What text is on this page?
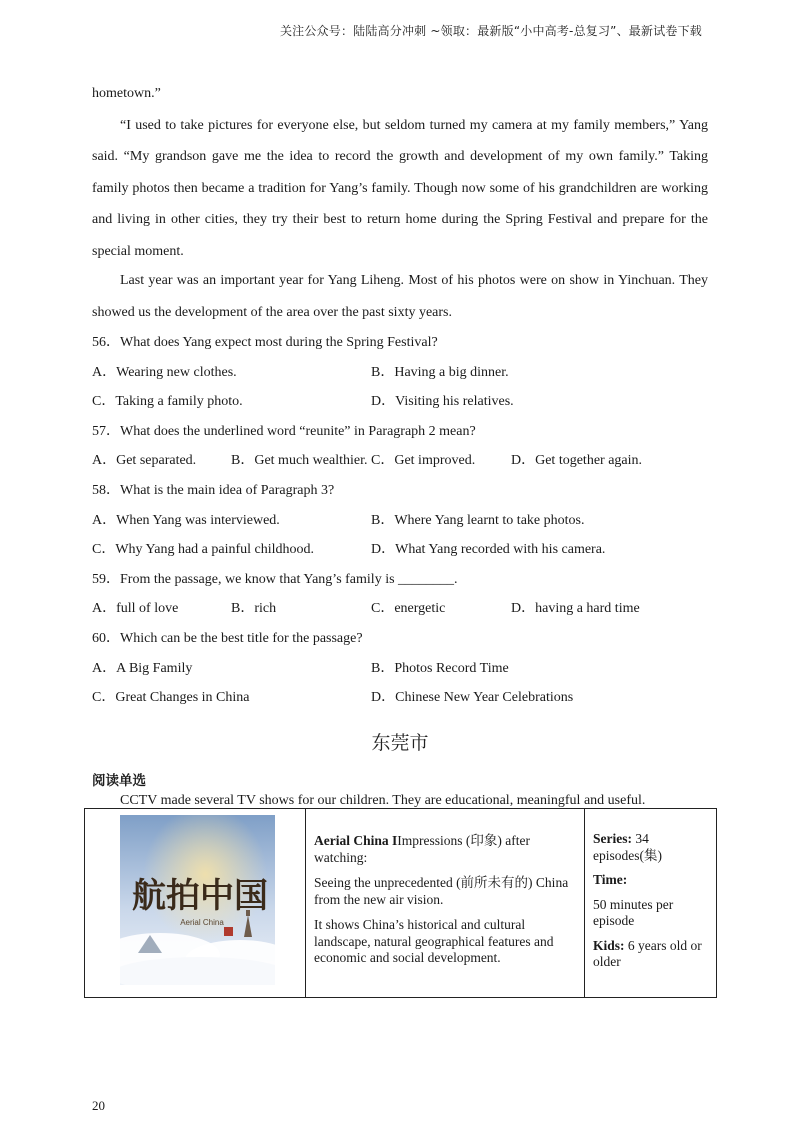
关注公众号：陆陆高分冲刺 ~领取：最新版“小中高考-总复习”、最新试卷下载

hometown.”

“I used to take pictures for everyone else, but seldom turned my camera at my family members,” Yang said. “My grandson gave me the idea to record the growth and development of my own family.” Taking family photos then became a tradition for Yang’s family. Though now some of his grandchildren are working and living in other cities, they try their best to return home during the Spring Festival and prepare for the special moment.

Last year was an important year for Yang Liheng. Most of his photos were on show in Yinchuan. They showed us the development of the area over the past sixty years.

56．What does Yang expect most during the Spring Festival?
A．Wearing new clothes.	B．Having a big dinner.
C．Taking a family photo.	D．Visiting his relatives.
57．What does the underlined word “reunite” in Paragraph 2 mean?
A．Get separated. B．Get much wealthier. C．Get improved.	D．Get together again.
58．What is the main idea of Paragraph 3?
A．When Yang was interviewed.	B．Where Yang learnt to take photos.
C．Why Yang had a painful childhood.	D．What Yang recorded with his camera.
59．From the passage, we know that Yang’s family is ________.
A．full of love	B．rich	C．energetic	D．having a hard time
60．Which can be the best title for the passage?
A．A Big Family	B．Photos Record Time
C．Great Changes in China	D．Chinese New Year Celebrations
东莞市
阅读单选
CCTV made several TV shows for our children. They are educational, meaningful and useful.
航拍中国
Aerial China

Aerial China IImpressions (印象) after watching:

Seeing the unprecedented (前所未有的) China from the new air vision.

It shows China’s historical and cultural landscape, natural geographical features and economic and social development.

Series: 34 episodes(集)

Time:

50 minutes per episode

Kids: 6 years old or older

20
